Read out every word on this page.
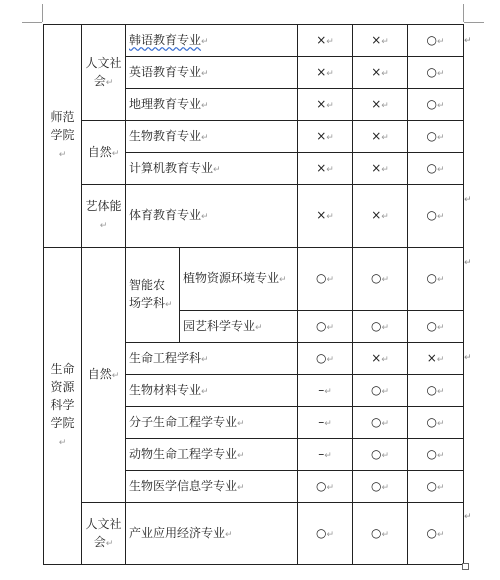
师范学院↵	人文社会↵	韩语教育专业↵		×↵	×↵	○↵
		英语教育专业↵		×↵	×↵	○↵
		地理教育专业↵		×↵	×↵	○↵
	自然↵	生物教育专业↵		×↵	×↵	○↵
		计算机教育专业↵		×↵	×↵	○↵
	艺体能↵	体育教育专业↵		×↵	×↵	○↵
生命资源科学学院↵	自然↵	智能农场学科↵	植物资源环境专业↵	○↵	○↵	○↵
			园艺科学专业↵	○↵	○↵	○↵
		生命工程学科↵		○↵	×↵	×↵
		生物材料专业↵		–↵	○↵	○↵
		分子生命工程学专业↵		–↵	○↵	○↵
		动物生命工程学专业↵		–↵	○↵	○↵
		生物医学信息学专业↵		○↵	○↵	○↵
	人文社会↵	产业应用经济专业↵		○↵	○↵	○↵
↵
↵
↵
↵
↵
